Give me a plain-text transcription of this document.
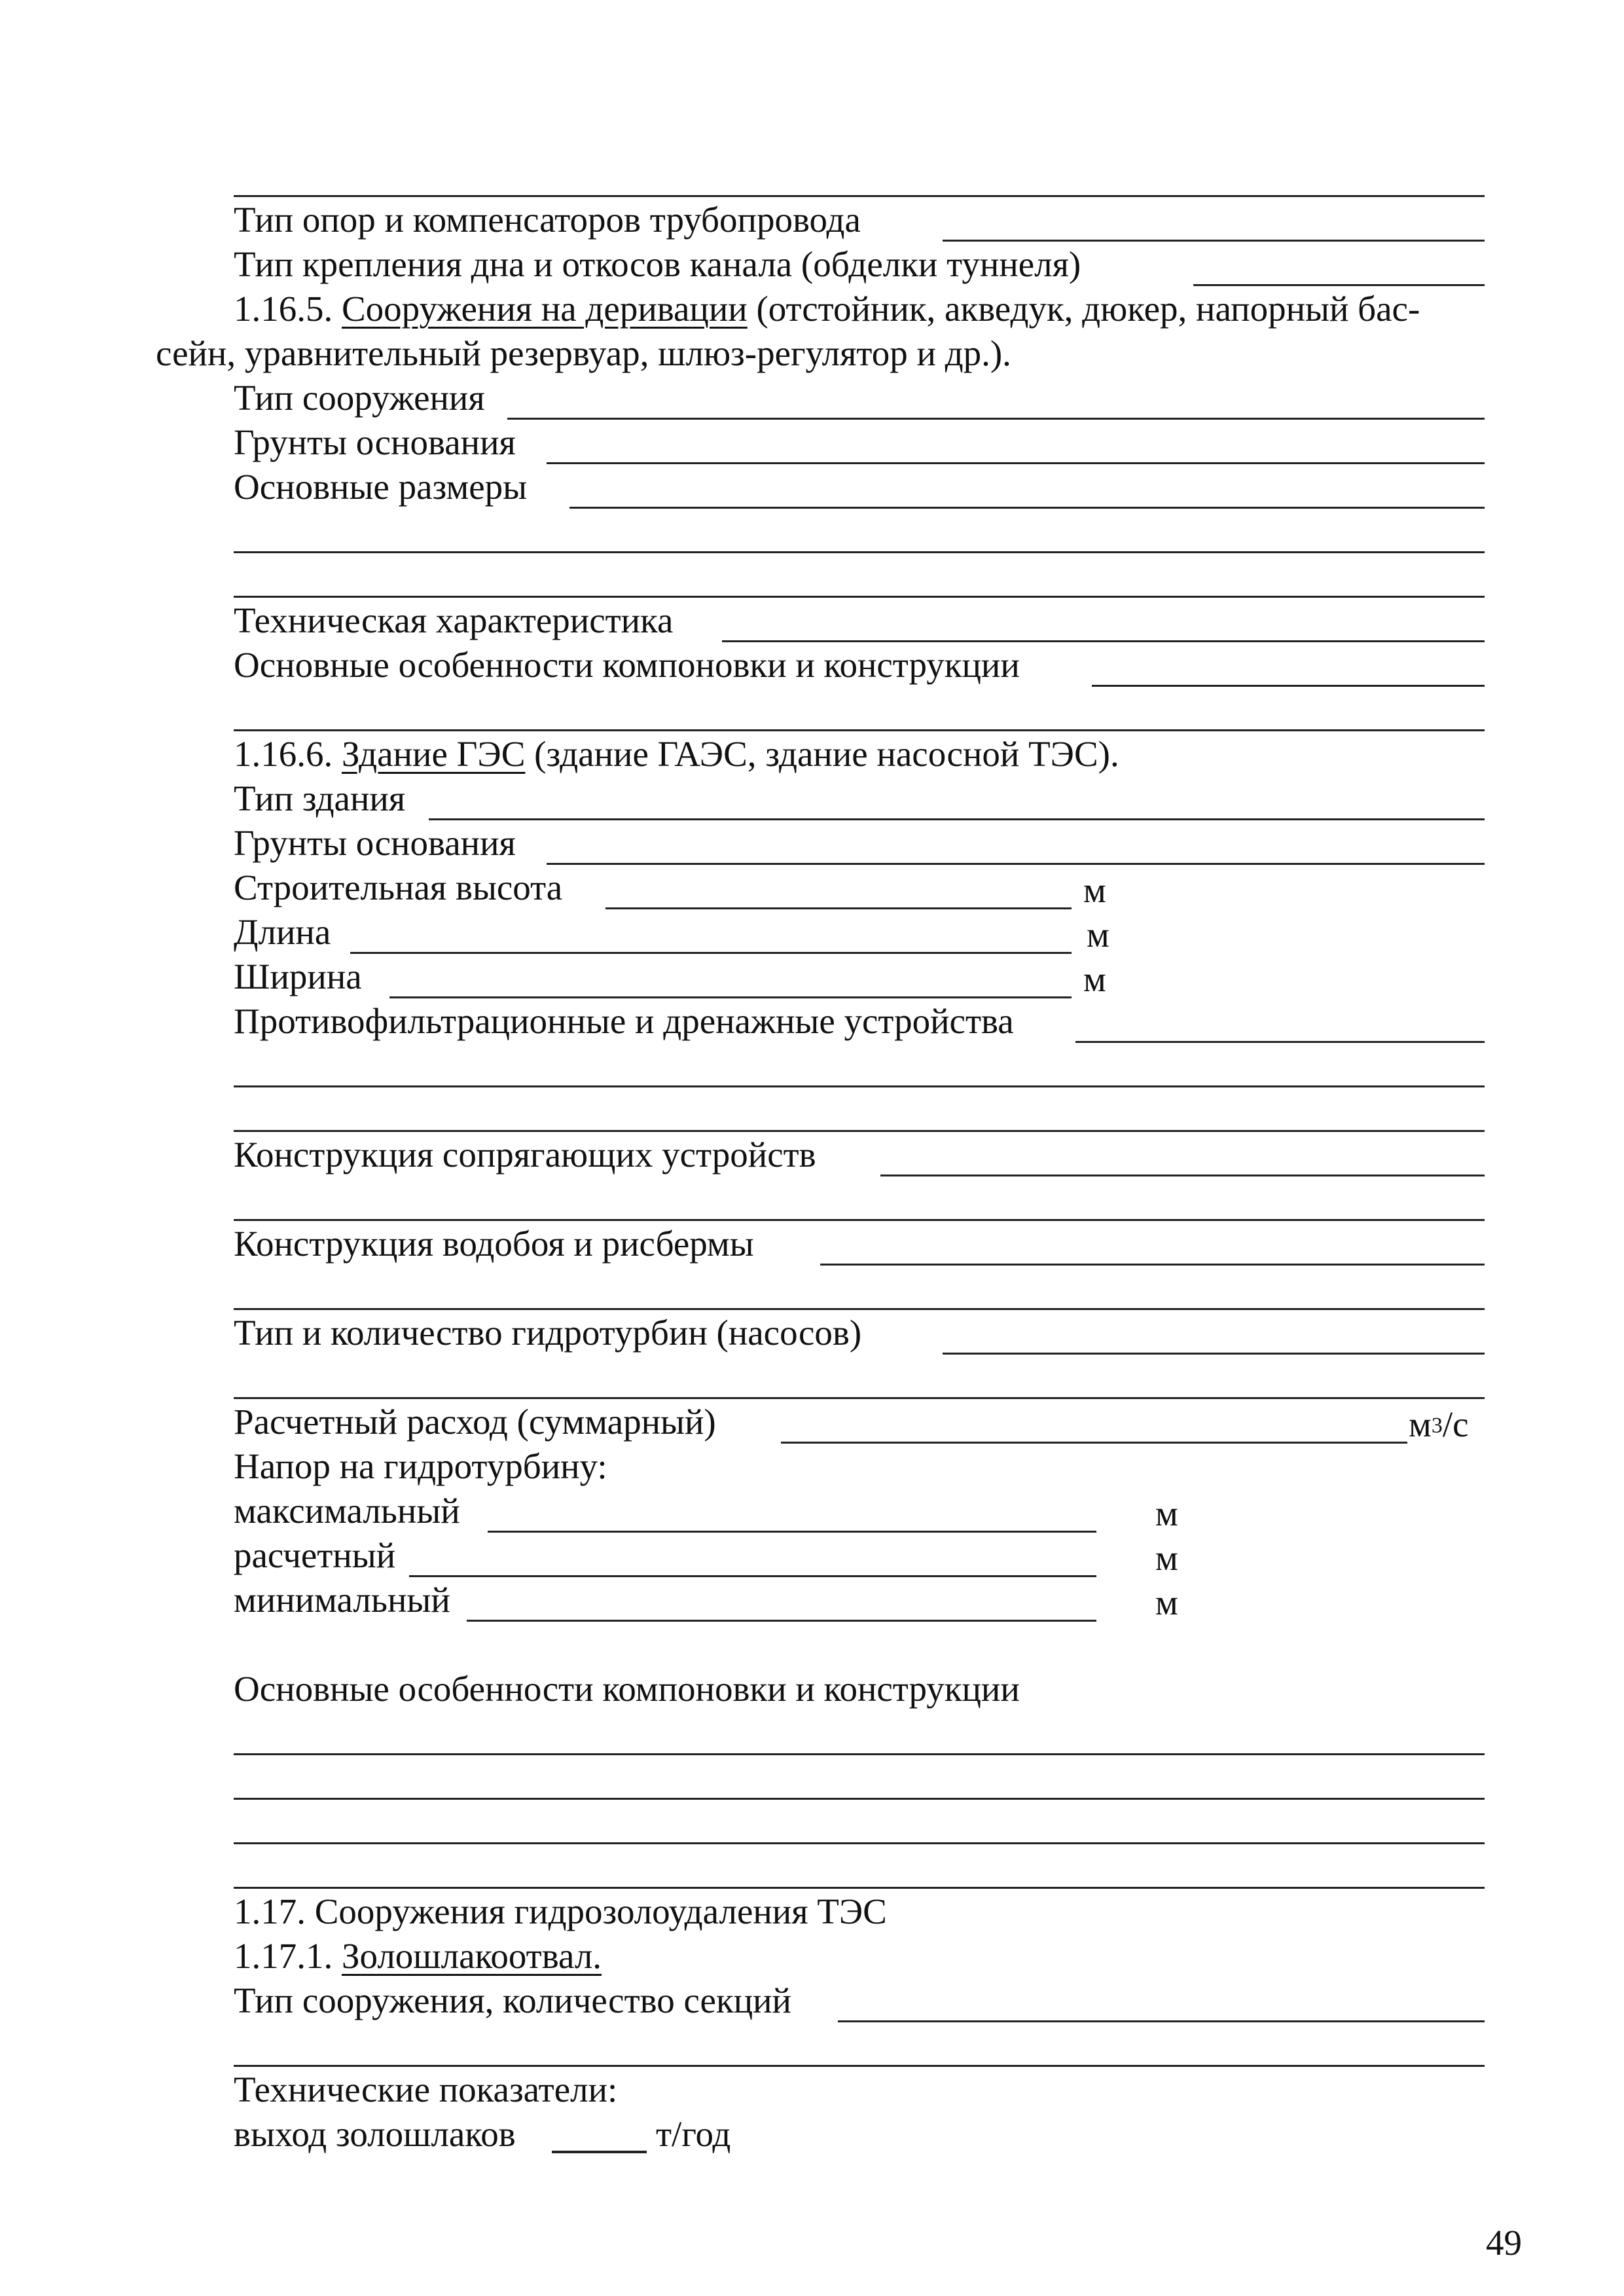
Тип опор и компенсаторов трубопровода
Тип крепления дна и откосов канала (обделки туннеля)
1.16.5. Сооружения на деривации (отстойник, акведук, дюкер, напорный бас-
сейн, уравнительный резервуар, шлюз-регулятор и др.).
Тип сооружения
Грунты основания
Основные размеры
Техническая характеристика
Основные особенности компоновки и конструкции
1.16.6. Здание ГЭС (здание ГАЭС, здание насосной ТЭС).
Тип здания
Грунты основания
Строительная высота	м
Длина	м
Ширина	м
Противофильтрационные и дренажные устройства
Конструкция сопрягающих устройств
Конструкция водобоя и рисбермы
Тип и количество гидротурбин (насосов)
Расчетный расход (суммарный)	$м^3/с$
Напор на гидротурбину:
максимальный	м
расчетный	м
минимальный	м
Основные особенности компоновки и конструкции
1.17. Сооружения гидрозолоудаления ТЭС
1.17.1. Золошлакоотвал.
Тип сооружения, количество секций
Технические показатели:
выход золошлаков	т/год
49
